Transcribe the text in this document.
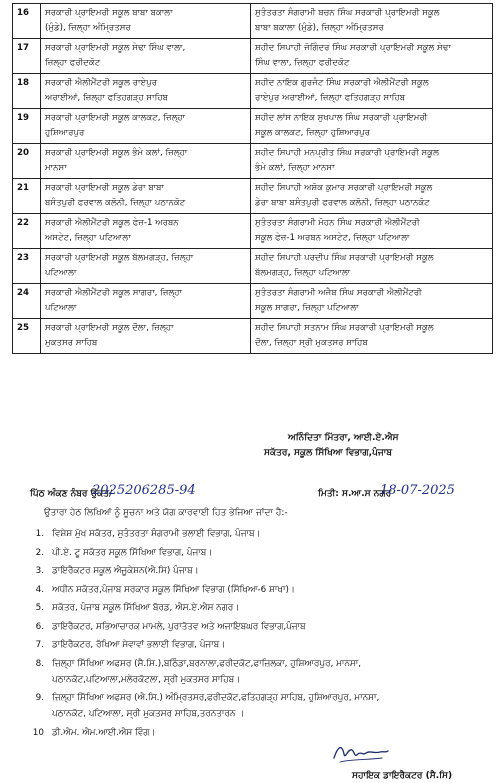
16	ਸਰਕਾਰੀ ਪ੍ਰਾਇਮਰੀ ਸਕੂਲ ਬਾਬਾ ਬਕਾਲਾ
(ਮੁੰਡੇ), ਜ਼ਿਲ੍ਹਾ ਅੰਮ੍ਰਿਤਸਰ	ਸੁਤੰਤਰਤਾ ਸੰਗਰਾਮੀ ਬਚਨ ਸਿੰਘ ਸਰਕਾਰੀ ਪ੍ਰਾਇਮਰੀ ਸਕੂਲ
ਬਾਬਾ ਬਕਾਲਾ (ਮੁੰਡੇ), ਜ਼ਿਲ੍ਹਾ ਅੰਮ੍ਰਿਤਸਰ

17	ਸਰਕਾਰੀ ਪ੍ਰਾਇਮਰੀ ਸਕੂਲ ਸੇਢਾ ਸਿੰਘ ਵਾਲਾ,
ਜ਼ਿਲ੍ਹਾ ਫਰੀਦਕੋਟ	ਸ਼ਹੀਦ ਸਿਪਾਹੀ ਜੋਗਿੰਦਰ ਸਿੰਘ ਸਰਕਾਰੀ ਪ੍ਰਾਇਮਰੀ ਸਕੂਲ ਸੇਢਾ
ਸਿੰਘ ਵਾਲਾ, ਜ਼ਿਲ੍ਹਾ ਫਰੀਦਕੋਟ

18	ਸਰਕਾਰੀ ਐਲੀਮੈਂਟਰੀ ਸਕੂਲ ਰਾਏਪੁਰ
ਅਰਾਈਆਂ, ਜ਼ਿਲ੍ਹਾ ਫਤਿਹਗੜ੍ਹ ਸਾਹਿਬ	ਸ਼ਹੀਦ ਨਾਇਕ ਗੁਰਜੰਟ ਸਿੰਘ ਸਰਕਾਰੀ ਐਲੀਮੈਂਟਰੀ ਸਕੂਲ
ਰਾਏਪੁਰ ਅਰਾਈਆਂ, ਜ਼ਿਲ੍ਹਾ ਫਤਿਹਗੜ੍ਹ ਸਾਹਿਬ

19	ਸਰਕਾਰੀ ਪ੍ਰਾਇਮਰੀ ਸਕੂਲ ਕਾਲਕਟ, ਜ਼ਿਲ੍ਹਾ
ਹੁਸ਼ਿਆਰਪੁਰ	ਸ਼ਹੀਦ ਲਾਂਸ ਨਾਇਕ ਸੁਖਪਾਲ ਸਿੰਘ ਸਰਕਾਰੀ ਪ੍ਰਾਇਮਰੀ
ਸਕੂਲ ਕਾਲਕਟ, ਜ਼ਿਲ੍ਹਾ ਹੁਸ਼ਿਆਰਪੁਰ

20	ਸਰਕਾਰੀ ਪ੍ਰਾਇਮਰੀ ਸਕੂਲ ਭੰਮੇ ਕਲਾਂ, ਜ਼ਿਲ੍ਹਾ
ਮਾਨਸਾ	ਸ਼ਹੀਦ ਸਿਪਾਹੀ ਮਨਪ੍ਰੀਤ ਸਿੰਘ ਸਰਕਾਰੀ ਪ੍ਰਾਇਮਰੀ ਸਕੂਲ
ਭੰਮੇ ਕਲਾਂ, ਜ਼ਿਲ੍ਹਾ ਮਾਨਸਾ

21	ਸਰਕਾਰੀ ਪ੍ਰਾਇਮਰੀ ਸਕੂਲ ਡੇਰਾ ਬਾਬਾ
ਬਸੰਤਪੁਰੀ ਫਰਵਾਲ ਕਲੋਨੀ, ਜ਼ਿਲ੍ਹਾ ਪਠਾਨਕੋਟ	ਸ਼ਹੀਦ ਸਿਪਾਹੀ ਅਸ਼ੋਕ ਕੁਮਾਰ ਸਰਕਾਰੀ ਪ੍ਰਾਇਮਰੀ ਸਕੂਲ
ਡੇਰਾ ਬਾਬਾ ਬਸੰਤਪੁਰੀ ਫਰਵਾਲ ਕਲੋਨੀ, ਜ਼ਿਲ੍ਹਾ ਪਠਾਨਕੋਟ

22	ਸਰਕਾਰੀ ਐਲੀਮੈਂਟਰੀ ਸਕੂਲ ਫੇਜ਼-1 ਅਰਬਨ
ਅਸਟੇਟ, ਜ਼ਿਲ੍ਹਾ ਪਟਿਆਲਾ	ਸੁਤੰਤਰਤਾ ਸੰਗਰਾਮੀ ਮੋਹਨ ਸਿੰਘ ਸਰਕਾਰੀ ਐਲੀਮੈਂਟਰੀ
ਸਕੂਲ ਫੇਜ਼-1 ਅਰਬਨ ਅਸਟੇਟ, ਜ਼ਿਲ੍ਹਾ ਪਟਿਆਲਾ

23	ਸਰਕਾਰੀ ਪ੍ਰਾਇਮਰੀ ਸਕੂਲ ਬੱਲਮਗੜ੍ਹ, ਜ਼ਿਲ੍ਹਾ
ਪਟਿਆਲਾ	ਸ਼ਹੀਦ ਸਿਪਾਹੀ ਪਰਦੀਪ ਸਿੰਘ ਸਰਕਾਰੀ ਪ੍ਰਾਇਮਰੀ ਸਕੂਲ
ਬੱਲਮਗੜ੍ਹ, ਜ਼ਿਲ੍ਹਾ ਪਟਿਆਲਾ

24	ਸਰਕਾਰੀ ਐਲੀਮੈਂਟਰੀ ਸਕੂਲ ਸਾਗਰਾ, ਜ਼ਿਲ੍ਹਾ
ਪਟਿਆਲਾ	ਸੁਤੰਤਰਤਾ ਸੰਗਰਾਮੀ ਅਜੈਬ ਸਿੰਘ ਸਰਕਾਰੀ ਐਲੀਮੈਂਟਰੀ
ਸਕੂਲ ਸਾਗਰਾ, ਜ਼ਿਲ੍ਹਾ ਪਟਿਆਲਾ

25	ਸਰਕਾਰੀ ਪ੍ਰਾਇਮਰੀ ਸਕੂਲ ਦੌਲਾ, ਜ਼ਿਲ੍ਹਾ
ਮੁਕਤਸਰ ਸਾਹਿਬ	ਸ਼ਹੀਦ ਸਿਪਾਹੀ ਸਤਨਾਮ ਸਿੰਘ ਸਰਕਾਰੀ ਪ੍ਰਾਇਮਰੀ ਸਕੂਲ
ਦੌਲਾ, ਜ਼ਿਲ੍ਹਾ ਸ੍ਰੀ ਮੁਕਤਸਰ ਸਾਹਿਬ
ਅਨਿੰਦਿਤਾ ਮਿੱਤਰਾ, ਆਈ.ਏ.ਐਸ
ਸਕੱਤਰ, ਸਕੂਲ ਸਿੱਖਿਆ ਵਿਭਾਗ,ਪੰਜਾਬ
ਪਿੱਠ ਅੰਕਣ ਨੰਬਰ ਉਕਤ/
2025206285-94	ਮਿਤੀ: ਸ.ਆ.ਸ ਨਗਰ
18-07-2025
ਉਤਾਰਾ ਹੇਠ ਲਿਖਿਆਂ ਨੂੰ ਸੂਚਨਾ ਅਤੇ ਯੋਗ ਕਾਰਵਾਈ ਹਿਤ ਭੇਜਿਆ ਜਾਂਦਾ ਹੈ:-
1. ਵਿਸ਼ੇਸ਼ ਮੁੱਖ ਸਕੱਤਰ, ਸੁਤੰਤਰਤਾ ਸੰਗਰਾਮੀ ਭਲਾਈ ਵਿਭਾਗ, ਪੰਜਾਬ।
2. ਪੀ.ਏ. ਟੂ ਸਕੱਤਰ ਸਕੂਲ ਸਿੱਖਿਆ ਵਿਭਾਗ, ਪੰਜਾਬ।
3. ਡਾਇਰੈਕਟਰ ਸਕੂਲ ਐਜੂਕੇਸ਼ਨ(ਐ.ਸਿ) ਪੰਜਾਬ।
4. ਅਧੀਨ ਸਕੱਤਰ,ਪੰਜਾਬ ਸਰਕਾਰ ਸਕੂਲ ਸਿੱਖਿਆ ਵਿਭਾਗ (ਸਿੱਖਿਆ-6 ਸ਼ਾਖਾ)।
5. ਸਕੱਤਰ, ਪੰਜਾਬ ਸਕੂਲ ਸਿੱਖਿਆ ਬੋਰਡ, ਐਸ.ਏ.ਐਸ ਨਗਰ।
6. ਡਾਇਰੈਕਟਰ, ਸਭਿਆਚਾਰਕ ਮਾਮਲੇ, ਪੁਰਾਤੱਤਵ ਅਤੇ ਅਜਾਇਬਘਰ ਵਿਭਾਗ,ਪੰਜਾਬ
7. ਡਾਇਰੈਕਟਰ, ਰੱਖਿਆ ਸੇਵਾਵਾਂ ਭਲਾਈ ਵਿਭਾਗ, ਪੰਜਾਬ।
8. ਜ਼ਿਲ੍ਹਾ ਸਿੱਖਿਆ ਅਫਸਰ (ਸੈ.ਸਿ.),ਬਠਿੰਡਾ,ਬਰਨਾਲਾ,ਫਰੀਦਕੋਟ,ਫਾਜ਼ਿਲਕਾ, ਹੁਸ਼ਿਆਰਪੁਰ, ਮਾਨਸਾ,
ਪਠਾਨਕੋਟ,ਪਟਿਆਲਾ,ਮਲੇਰਕੋਟਲਾ, ਸ੍ਰੀ ਮੁਕਤਸਰ ਸਾਹਿਬ।
9. ਜ਼ਿਲ੍ਹਾ ਸਿੱਖਿਆ ਅਫਸਰ (ਐ.ਸਿ.) ਅੰਮ੍ਰਿਤਸਰ,ਫਰੀਦਕੋਟ,ਫਤਿਹਗੜ੍ਹ ਸਾਹਿਬ, ਹੁਸ਼ਿਆਰਪੁਰ, ਮਾਨਸਾ,
ਪਠਾਨਕੋਟ, ਪਟਿਆਲਾ, ਸ੍ਰੀ ਮੁਕਤਸਰ ਸਾਹਿਬ,ਤਰਨਤਾਰਨ ।
10 ਡੀ.ਐਮ. ਐਮ.ਆਈ.ਐਸ ਵਿੰਗ।
ਸਹਾਇਕ ਡਾਇਰੈਕਟਰ (ਸੈ.ਸਿ)
